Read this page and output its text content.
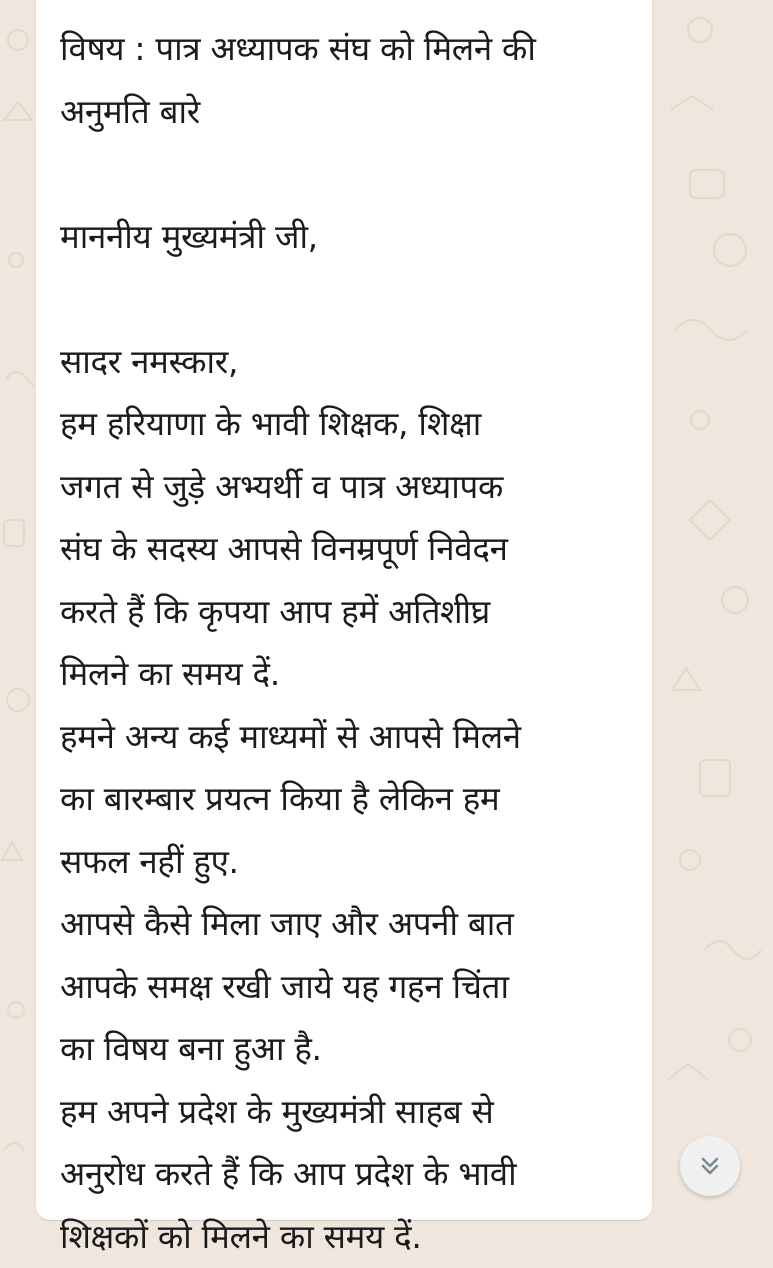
विषय : पात्र अध्यापक संघ को मिलने की
अनुमति बारे
माननीय मुख्यमंत्री जी,
सादर नमस्कार,
हम हरियाणा के भावी शिक्षक, शिक्षा
जगत से जुड़े अभ्यर्थी व पात्र अध्यापक
संघ के सदस्य आपसे विनम्रपूर्ण निवेदन
करते हैं कि कृपया आप हमें अतिशीघ्र
मिलने का समय दें.
हमने अन्य कई माध्यमों से आपसे मिलने
का बारम्बार प्रयत्न किया है लेकिन हम
सफल नहीं हुए.
आपसे कैसे मिला जाए और अपनी बात
आपके समक्ष रखी जाये यह गहन चिंता
का विषय बना हुआ है.
हम अपने प्रदेश के मुख्यमंत्री साहब से
अनुरोध करते हैं कि आप प्रदेश के भावी
शिक्षकों को मिलने का समय दें.
